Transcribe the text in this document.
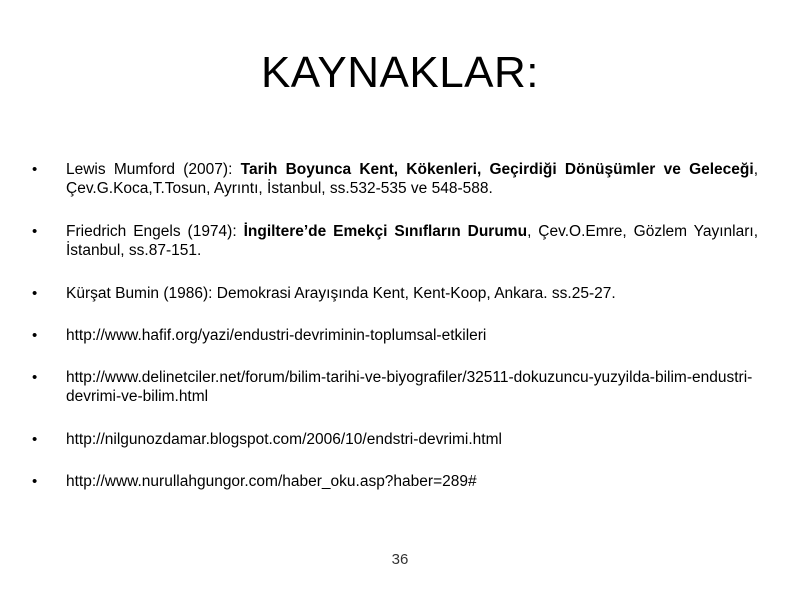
KAYNAKLAR:
• Lewis Mumford (2007): Tarih Boyunca Kent, Kökenleri, Geçirdiği Dönüşümler ve Geleceği, Çev.G.Koca,T.Tosun, Ayrıntı, İstanbul, ss.532-535 ve 548-588.
• Friedrich Engels (1974): İngiltere’de Emekçi Sınıfların Durumu, Çev.O.Emre, Gözlem Yayınları, İstanbul, ss.87-151.
• Kürşat Bumin (1986): Demokrasi Arayışında Kent, Kent-Koop, Ankara. ss.25-27.
• http://www.hafif.org/yazi/endustri-devriminin-toplumsal-etkileri
• http://www.delinetciler.net/forum/bilim-tarihi-ve-biyografiler/32511-dokuzuncu-yuzyilda-bilim-endustri-devrimi-ve-bilim.html
• http://nilgunozdamar.blogspot.com/2006/10/endstri-devrimi.html
• http://www.nurullahgungor.com/haber_oku.asp?haber=289#
36
